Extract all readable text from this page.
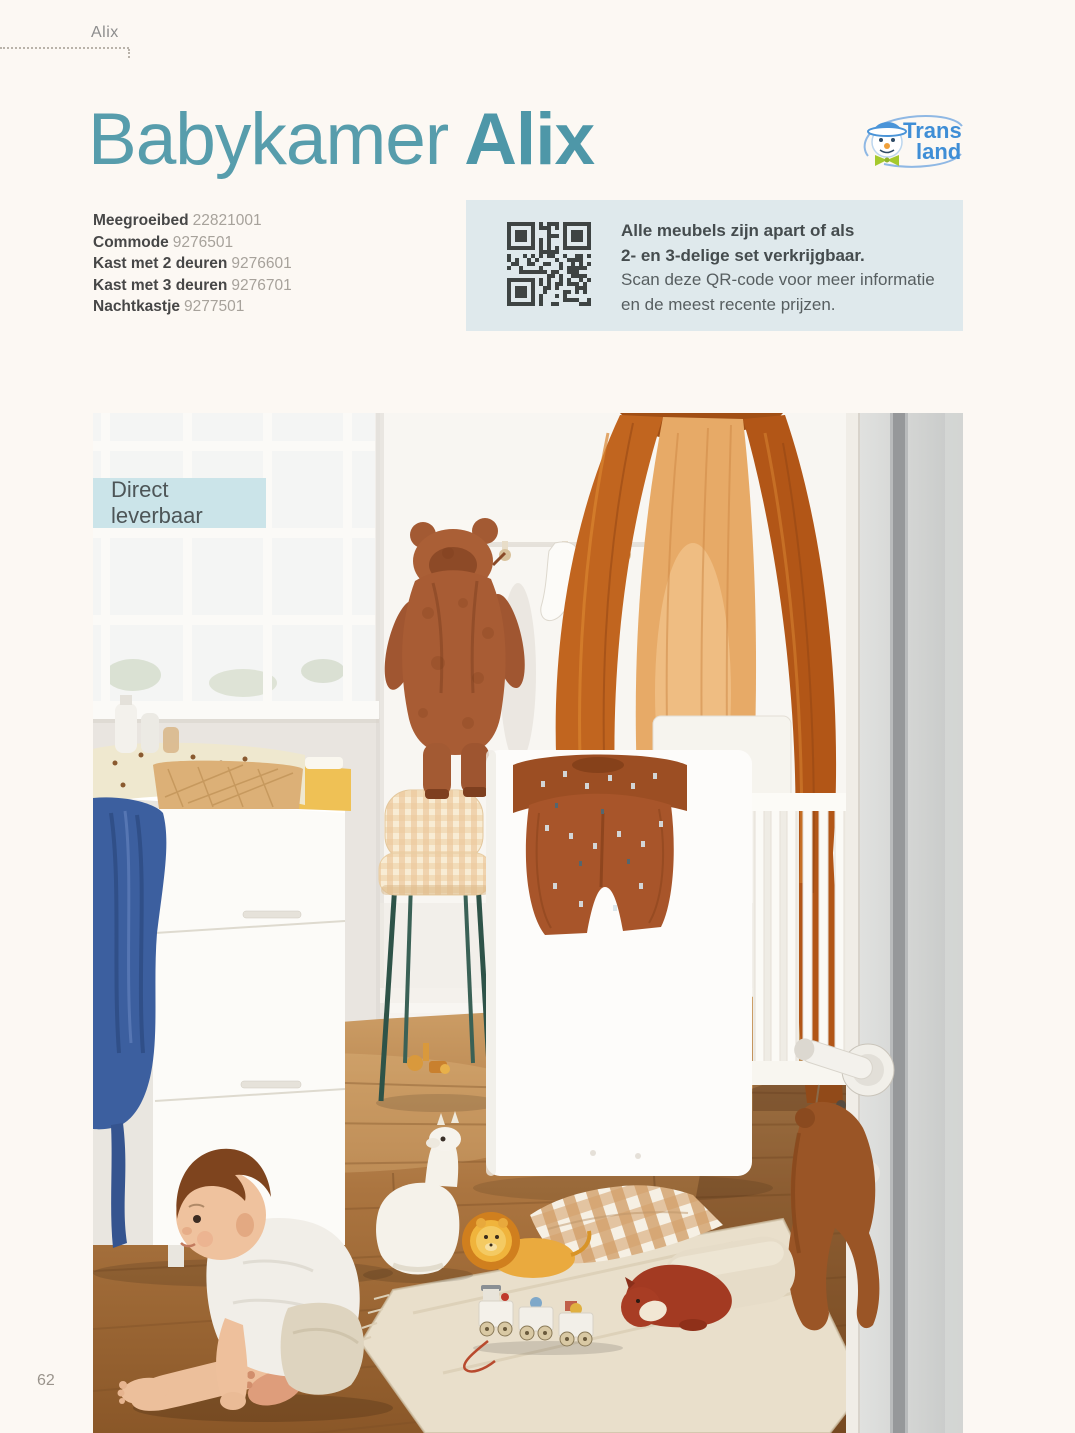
Alix
Babykamer Alix	Trans
land
Meegroeibed 22821001
Commode 9276501
Kast met 2 deuren 9276601
Kast met 3 deuren 9276701
Nachtkastje 9277501
Alle meubels zijn apart of als
2- en 3-delige set verkrijgbaar.
Scan deze QR-code voor meer informatie
en de meest recente prijzen.
Direct leverbaar
62
